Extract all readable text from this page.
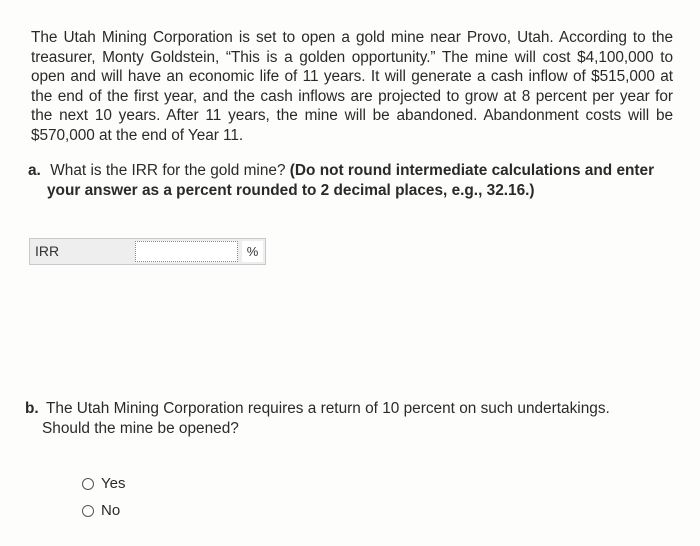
The Utah Mining Corporation is set to open a gold mine near Provo, Utah. According to the treasurer, Monty Goldstein, “This is a golden opportunity.” The mine will cost $4,100,000 to open and will have an economic life of 11 years. It will generate a cash inflow of $515,000 at the end of the first year, and the cash inflows are projected to grow at 8 percent per year for the next 10 years. After 11 years, the mine will be abandoned. Abandonment costs will be $570,000 at the end of Year 11.
a. What is the IRR for the gold mine? (Do not round intermediate calculations and enter
your answer as a percent rounded to 2 decimal places, e.g., 32.16.)
IRR	%
b. The Utah Mining Corporation requires a return of 10 percent on such undertakings.
Should the mine be opened?
Yes
No
